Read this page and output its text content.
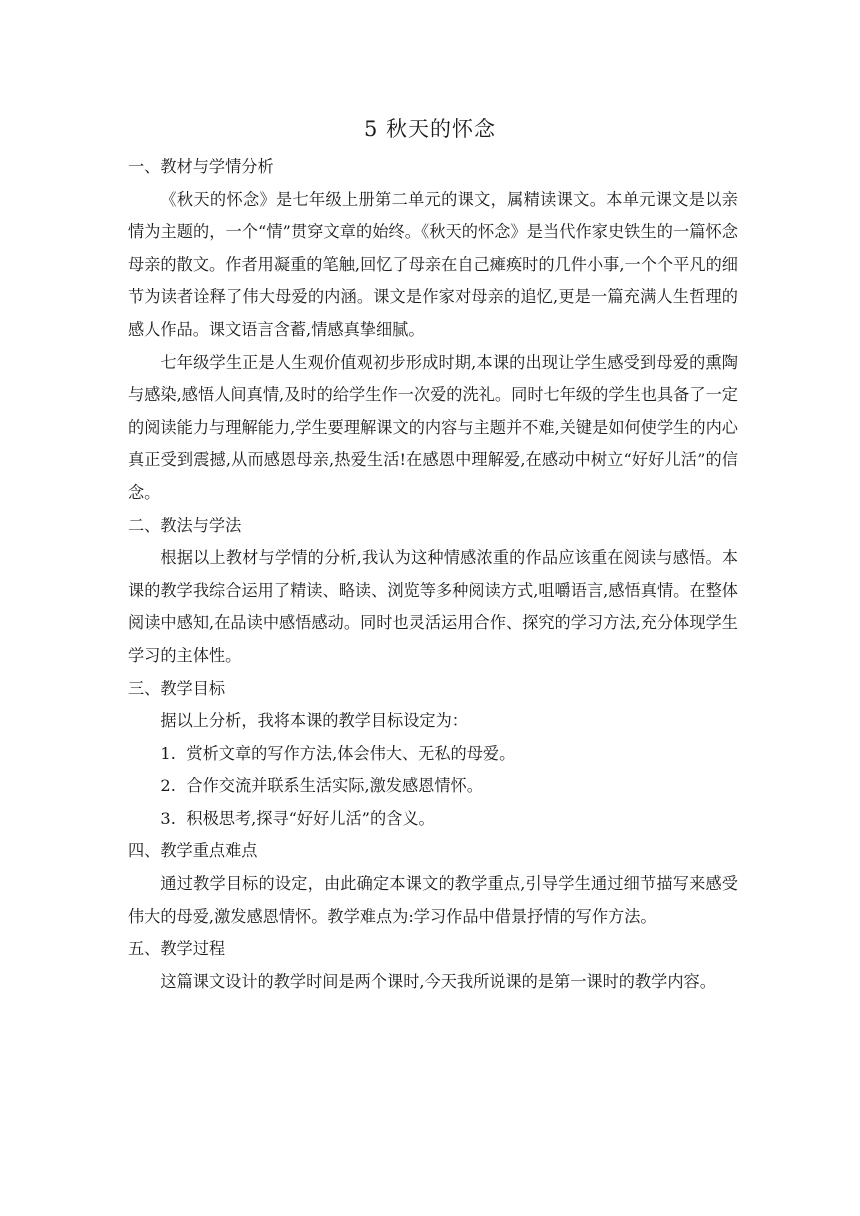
5 秋天的怀念

一、教材与学情分析

《秋天的怀念》是七年级上册第二单元的课文，属精读课文。本单元课文是以亲情为主题的，一个“情”贯穿文章的始终。《秋天的怀念》是当代作家史铁生的一篇怀念母亲的散文。作者用凝重的笔触,回忆了母亲在自己瘫痪时的几件小事,一个个平凡的细节为读者诠释了伟大母爱的内涵。课文是作家对母亲的追忆,更是一篇充满人生哲理的感人作品。课文语言含蓄,情感真挚细腻。

七年级学生正是人生观价值观初步形成时期,本课的出现让学生感受到母爱的熏陶与感染,感悟人间真情,及时的给学生作一次爱的洗礼。同时七年级的学生也具备了一定的阅读能力与理解能力,学生要理解课文的内容与主题并不难,关键是如何使学生的内心真正受到震撼,从而感恩母亲,热爱生活!在感恩中理解爱,在感动中树立“好好儿活”的信念。

二、教法与学法

根据以上教材与学情的分析,我认为这种情感浓重的作品应该重在阅读与感悟。本课的教学我综合运用了精读、略读、浏览等多种阅读方式,咀嚼语言,感悟真情。在整体阅读中感知,在品读中感悟感动。同时也灵活运用合作、探究的学习方法,充分体现学生学习的主体性。

三、教学目标

据以上分析，我将本课的教学目标设定为：

1. 赏析文章的写作方法,体会伟大、无私的母爱。

2. 合作交流并联系生活实际,激发感恩情怀。

3. 积极思考,探寻“好好儿活”的含义。

四、教学重点难点

通过教学目标的设定，由此确定本课文的教学重点,引导学生通过细节描写来感受伟大的母爱,激发感恩情怀。教学难点为:学习作品中借景抒情的写作方法。

五、教学过程

这篇课文设计的教学时间是两个课时,今天我所说课的是第一课时的教学内容。
